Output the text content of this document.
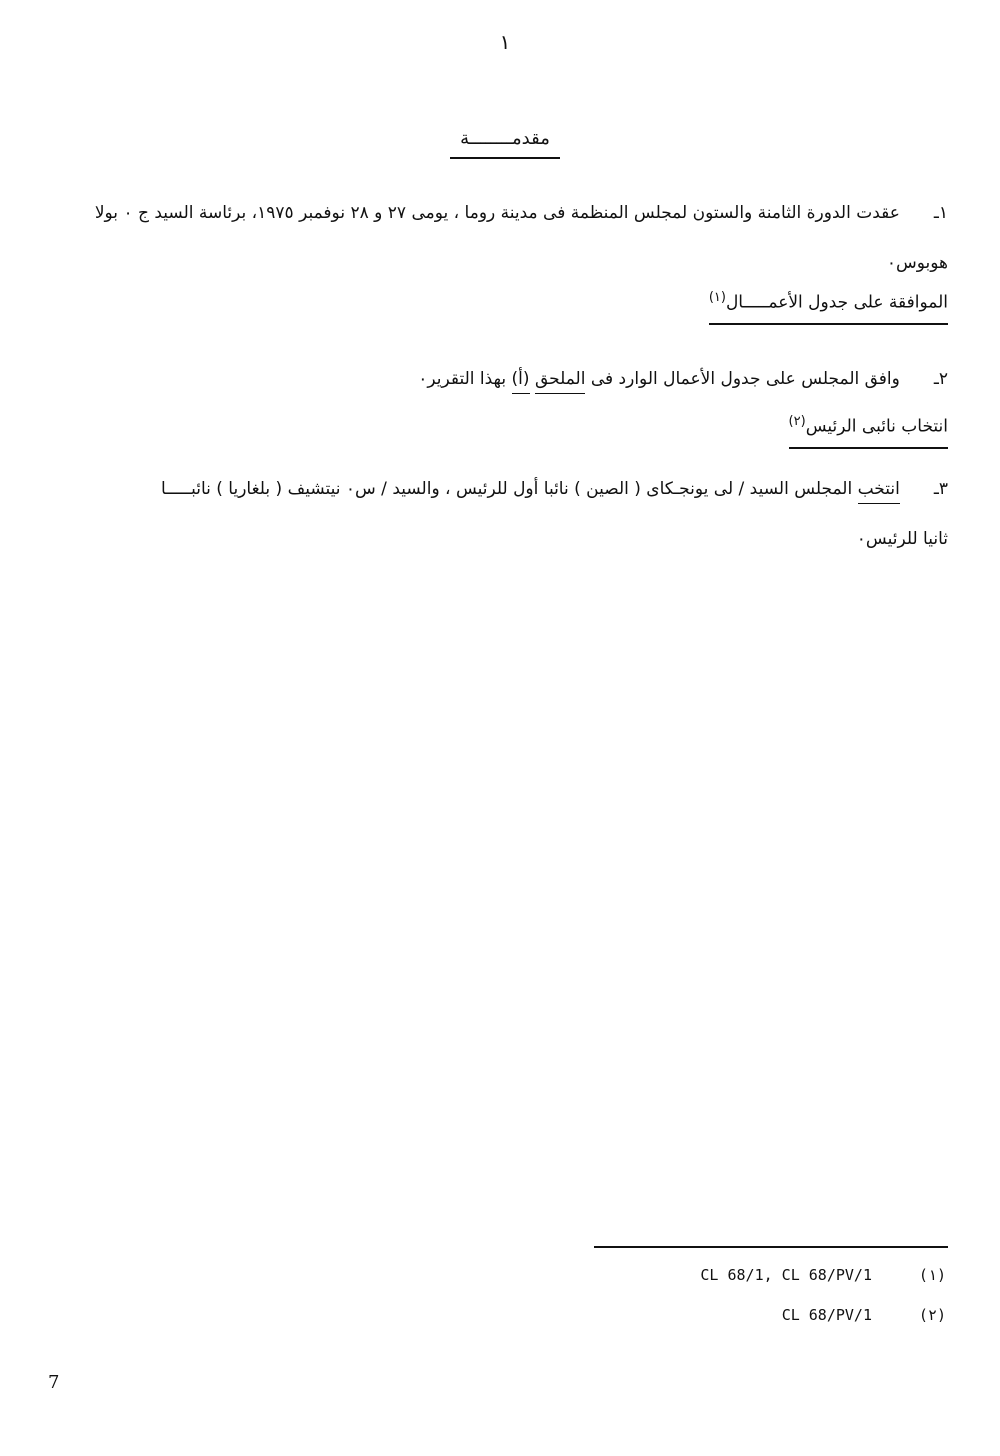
١
مقدمــــــــة
١ـعقدت الدورة الثامنة والستون لمجلس المنظمة فى مدينة روما ، يومى ٢٧ و ٢٨ نوفمبر ١٩٧٥، برئاسة السيد ج ٠ بولا
هوبوس٠
الموافقة على جدول الأعمـــــال$^{(١)}$
٢ـوافق المجلس على جدول الأعمال الوارد فى الملحق (أ) بهذا التقرير٠
انتخاب نائبى الرئيس$^{(٢)}$
٣ـانتخب المجلس السيد / لى يونجـكاى ( الصين ) نائبا أول للرئيس ، والسيد / س٠ نيتشيف ( بلغاريا ) نائبـــــا
ثانيا للرئيس٠
CL 68/1, CL 68/PV/1	(١)
CL 68/PV/1	(٢)
7
